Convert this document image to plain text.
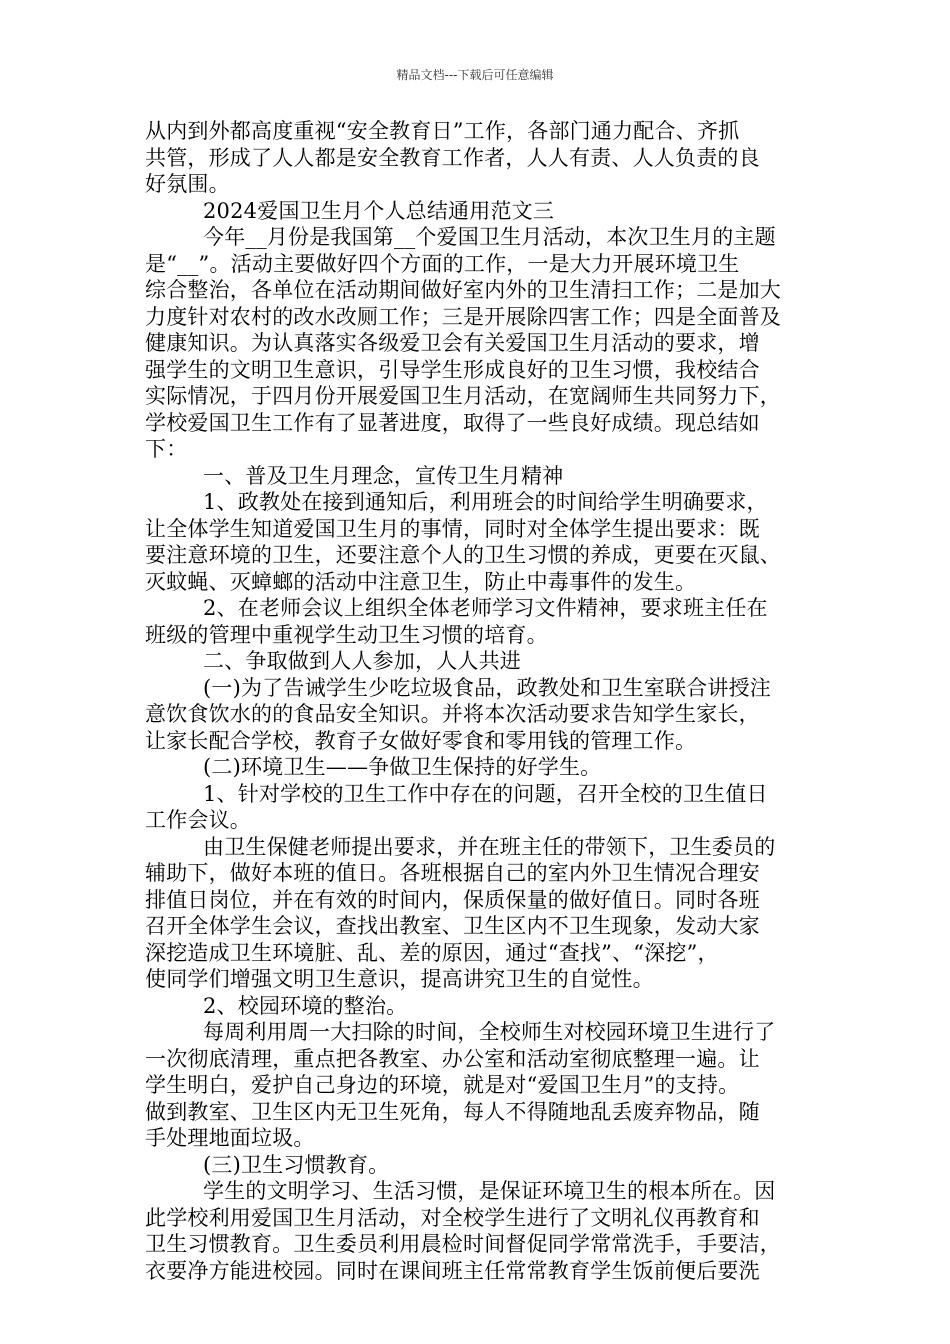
精品文档---下载后可任意编辑
从内到外都高度重视“安全教育日”工作，各部门通力配合、齐抓
共管，形成了人人都是安全教育工作者，人人有责、人人负责的良
好氛围。
2024爱国卫生月个人总结通用范文三
今年__月份是我国第__个爱国卫生月活动，本次卫生月的主题
是“__”。活动主要做好四个方面的工作，一是大力开展环境卫生
综合整治，各单位在活动期间做好室内外的卫生清扫工作；二是加大
力度针对农村的改水改厕工作；三是开展除四害工作；四是全面普及
健康知识。为认真落实各级爱卫会有关爱国卫生月活动的要求，增
强学生的文明卫生意识，引导学生形成良好的卫生习惯，我校结合
实际情况，于四月份开展爱国卫生月活动，在宽阔师生共同努力下，
学校爱国卫生工作有了显著进度，取得了一些良好成绩。现总结如
下：
一、普及卫生月理念，宣传卫生月精神
1、政教处在接到通知后，利用班会的时间给学生明确要求，
让全体学生知道爱国卫生月的事情，同时对全体学生提出要求：既
要注意环境的卫生，还要注意个人的卫生习惯的养成，更要在灭鼠、
灭蚊蝇、灭蟑螂的活动中注意卫生，防止中毒事件的发生。
2、在老师会议上组织全体老师学习文件精神，要求班主任在
班级的管理中重视学生动卫生习惯的培育。
二、争取做到人人参加，人人共进
(一)为了告诫学生少吃垃圾食品，政教处和卫生室联合讲授注
意饮食饮水的的食品安全知识。并将本次活动要求告知学生家长，
让家长配合学校，教育子女做好零食和零用钱的管理工作。
(二)环境卫生——争做卫生保持的好学生。
1、针对学校的卫生工作中存在的问题，召开全校的卫生值日
工作会议。
由卫生保健老师提出要求，并在班主任的带领下，卫生委员的
辅助下，做好本班的值日。各班根据自己的室内外卫生情况合理安
排值日岗位，并在有效的时间内，保质保量的做好值日。同时各班
召开全体学生会议，查找出教室、卫生区内不卫生现象，发动大家
深挖造成卫生环境脏、乱、差的原因，通过“查找”、“深挖”，
使同学们增强文明卫生意识，提高讲究卫生的自觉性。
2、校园环境的整治。
每周利用周一大扫除的时间，全校师生对校园环境卫生进行了
一次彻底清理，重点把各教室、办公室和活动室彻底整理一遍。让
学生明白，爱护自己身边的环境，就是对“爱国卫生月”的支持。
做到教室、卫生区内无卫生死角，每人不得随地乱丢废弃物品，随
手处理地面垃圾。
(三)卫生习惯教育。
学生的文明学习、生活习惯，是保证环境卫生的根本所在。因
此学校利用爱国卫生月活动，对全校学生进行了文明礼仪再教育和
卫生习惯教育。卫生委员利用晨检时间督促同学常常洗手，手要洁，
衣要净方能进校园。同时在课间班主任常常教育学生饭前便后要洗
